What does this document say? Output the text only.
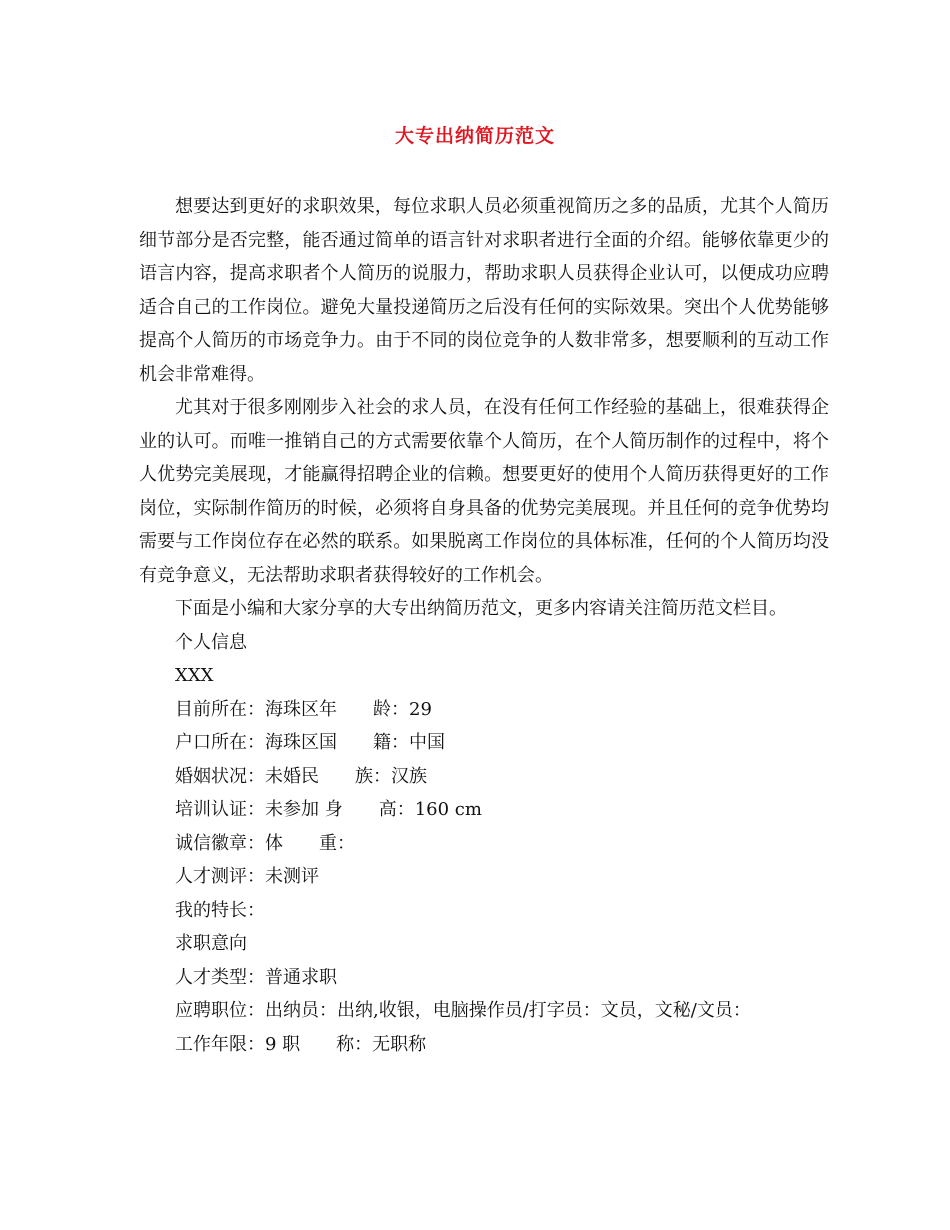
大专出纳简历范文

想要达到更好的求职效果，每位求职人员必须重视简历之多的品质，尤其个人简历细节部分是否完整，能否通过简单的语言针对求职者进行全面的介绍。能够依靠更少的语言内容，提高求职者个人简历的说服力，帮助求职人员获得企业认可，以便成功应聘适合自己的工作岗位。避免大量投递简历之后没有任何的实际效果。突出个人优势能够提高个人简历的市场竞争力。由于不同的岗位竞争的人数非常多，想要顺利的互动工作机会非常难得。

尤其对于很多刚刚步入社会的求人员，在没有任何工作经验的基础上，很难获得企业的认可。而唯一推销自己的方式需要依靠个人简历，在个人简历制作的过程中，将个人优势完美展现，才能赢得招聘企业的信赖。想要更好的使用个人简历获得更好的工作岗位，实际制作简历的时候，必须将自身具备的优势完美展现。并且任何的竞争优势均需要与工作岗位存在必然的联系。如果脱离工作岗位的具体标准，任何的个人简历均没有竞争意义，无法帮助求职者获得较好的工作机会。

下面是小编和大家分享的大专出纳简历范文，更多内容请关注简历范文栏目。

个人信息

XXX

目前所在：海珠区年　　龄：29

户口所在：海珠区国　　籍：中国

婚姻状况：未婚民　　族：汉族

培训认证：未参加 身　　高：160 cm

诚信徽章：体　　重：

人才测评：未测评

我的特长：

求职意向

人才类型：普通求职

应聘职位：出纳员：出纳,收银，电脑操作员/打字员：文员，文秘/文员：

工作年限：9 职　　称：无职称
